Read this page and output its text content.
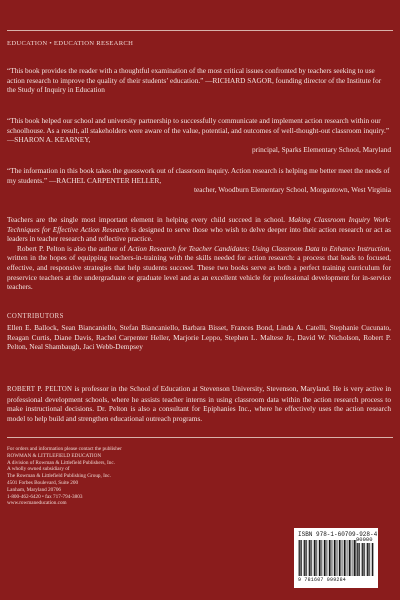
EDUCATION • EDUCATION RESEARCH
“This book provides the reader with a thoughtful examination of the most critical issues confronted by teachers seeking to use action research to improve the quality of their students’ education.” —RICHARD SAGOR, founding director of the Institute for the Study of Inquiry in Education
“This book helped our school and university partnership to successfully communicate and implement action research within our schoolhouse. As a result, all stakeholders were aware of the value, potential, and outcomes of well-thought-out classroom inquiry.” —SHARON A. KEARNEY,
principal, Sparks Elementary School, Maryland
“The information in this book takes the guesswork out of classroom inquiry. Action research is helping me better meet the needs of my students.” —RACHEL CARPENTER HELLER,
teacher, Woodburn Elementary School, Morgantown, West Virginia

Teachers are the single most important element in helping every child succeed in school. Making Classroom Inquiry Work: Techniques for Effective Action Research is designed to serve those who wish to delve deeper into their action research or act as leaders in teacher research and reflective practice.

Robert P. Pelton is also the author of Action Research for Teacher Candidates: Using Classroom Data to Enhance Instruction, written in the hopes of equipping teachers-in-training with the skills needed for action research: a process that leads to focused, effective, and responsive strategies that help students succeed. These two books serve as both a perfect training curriculum for preservice teachers at the undergraduate or graduate level and as an excellent vehicle for professional development for in-service teachers.

CONTRIBUTORS
Ellen E. Ballock, Sean Biancaniello, Stefan Biancaniello, Barbara Bisset, Frances Bond, Linda A. Catelli, Stephanie Cucunato, Reagan Curtis, Diane Davis, Rachel Carpenter Heller, Marjorie Leppo, Stephen L. Maltese Jr., David W. Nicholson, Robert P. Pelton, Neal Shambaugh, Jaci Webb-Dempsey
ROBERT P. PELTON is professor in the School of Education at Stevenson University, Stevenson, Maryland. He is very active in professional development schools, where he assists teacher interns in using classroom data within the action research process to make instructional decisions. Dr. Pelton is also a consultant for Epiphanies Inc., where he effectively uses the action research model to help build and strengthen educational outreach programs.
For orders and information please contact the publisher
ROWMAN & LITTLEFIELD EDUCATION
A division of Rowman & Littlefield Publishers, Inc.
A wholly owned subsidiary of
The Rowman & Littlefield Publishing Group, Inc.
4501 Forbes Boulevard, Suite 200
Lanham, Maryland 20706
1-800-462-6420 • fax 717-794-3803
www.rowmaneducation.com
ISBN 978-1-60709-928-4
90000
9 781607 099284
